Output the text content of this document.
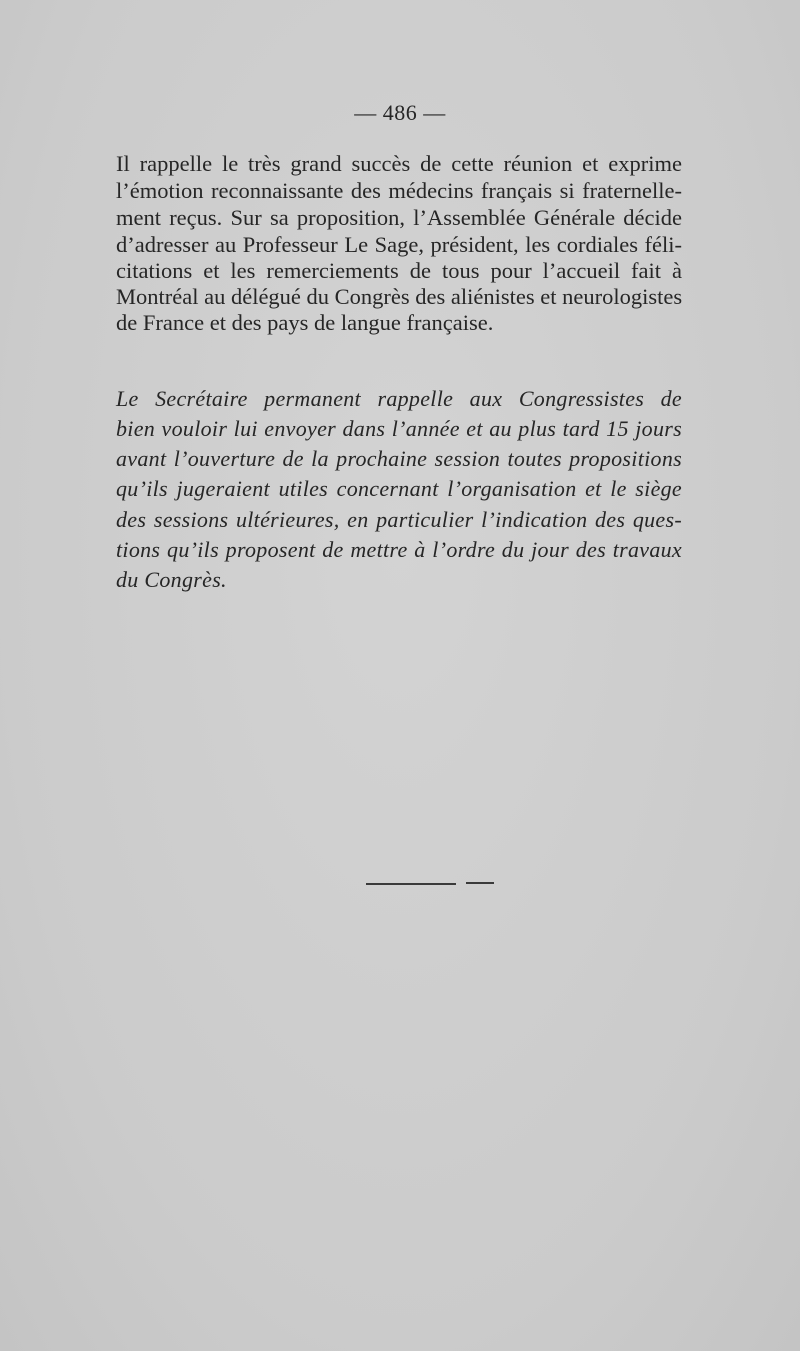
— 486 —
Il rappelle le très grand succès de cette réunion et exprime
l’émotion reconnaissante des médecins français si fraternelle-
ment reçus. Sur sa proposition, l’Assemblée Générale décide
d’adresser au Professeur Le Sage, président, les cordiales féli-
citations et les remerciements de tous pour l’accueil fait à
Montréal au délégué du Congrès des aliénistes et neurologistes
de France et des pays de langue française.
Le Secrétaire permanent rappelle aux Congressistes de
bien vouloir lui envoyer dans l’année et au plus tard 15 jours
avant l’ouverture de la prochaine session toutes propositions
qu’ils jugeraient utiles concernant l’organisation et le siège
des sessions ultérieures, en particulier l’indication des ques-
tions qu’ils proposent de mettre à l’ordre du jour des travaux
du Congrès.
